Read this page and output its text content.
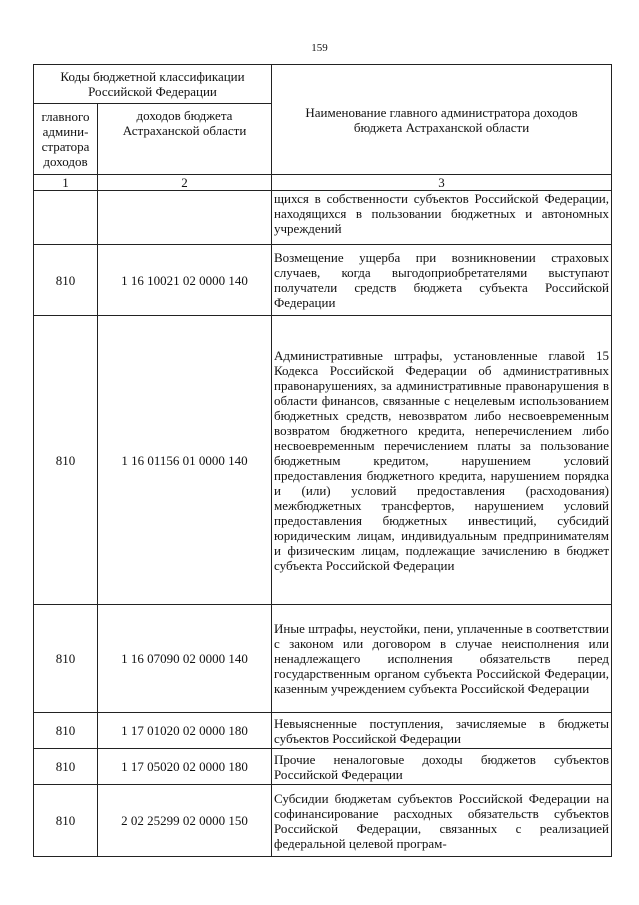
159
Коды бюджетной классификации Российской Федерации		Наименование главного администратора доходов бюджета Астраханской области
главного админи-стратора доходов	доходов бюджета Астраханской области	
1	2	3
		щихся в собственности субъектов Российской Федерации, находящихся в пользовании бюджетных и автономных учреждений
810	1 16 10021 02 0000 140	Возмещение ущерба при возникновении страховых случаев, когда выгодоприобретателями выступают получатели средств бюджета субъекта Российской Федерации
810	1 16 01156 01 0000 140	Административные штрафы, установленные главой 15 Кодекса Российской Федерации об административных правонарушениях, за административные правонарушения в области финансов, связанные с нецелевым использованием бюджетных средств, невозвратом либо несвоевременным возвратом бюджетного кредита, неперечислением либо несвоевременным перечислением платы за пользование бюджетным кредитом, нарушением условий предоставления бюджетного кредита, нарушением порядка и (или) условий предоставления (расходования) межбюджетных трансфертов, нарушением условий предоставления бюджетных инвестиций, субсидий юридическим лицам, индивидуальным предпринимателям и физическим лицам, подлежащие зачислению в бюджет субъекта Российской Федерации
810	1 16 07090 02 0000 140	Иные штрафы, неустойки, пени, уплаченные в соответствии с законом или договором в случае неисполнения или ненадлежащего исполнения обязательств перед государственным органом субъекта Российской Федерации, казенным учреждением субъекта Российской Федерации
810	1 17 01020 02 0000 180	Невыясненные поступления, зачисляемые в бюджеты субъектов Российской Федерации
810	1 17 05020 02 0000 180	Прочие неналоговые доходы бюджетов субъектов Российской Федерации
810	2 02 25299 02 0000 150	Субсидии бюджетам субъектов Российской Федерации на софинансирование расходных обязательств субъектов Российской Федерации, связанных с реализацией федеральной целевой програм-
